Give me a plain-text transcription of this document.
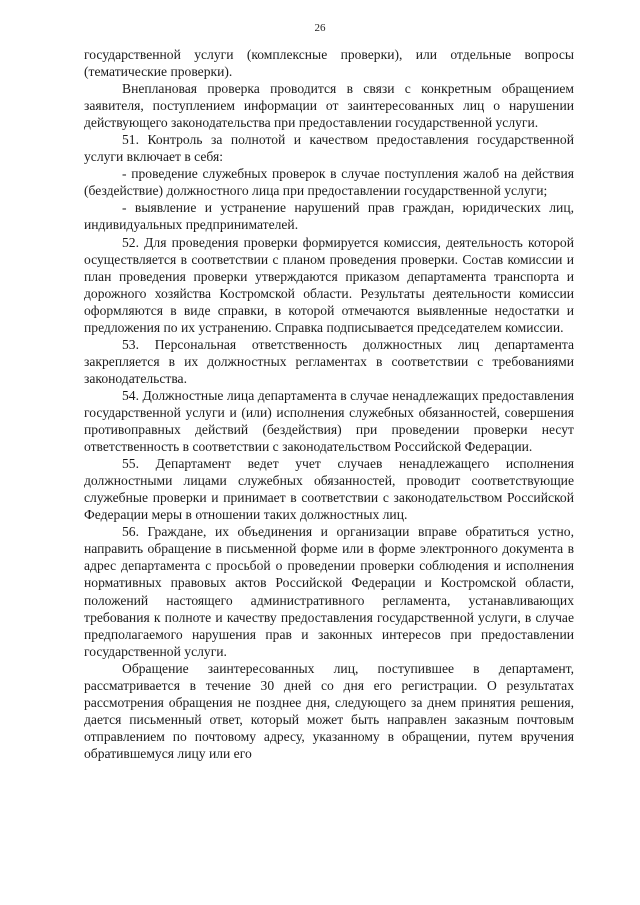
26

государственной услуги (комплексные проверки), или отдельные вопросы (тематические проверки).

Внеплановая проверка проводится в связи с конкретным обращением заявителя, поступлением информации от заинтересованных лиц о нарушении действующего законодательства при предоставлении государственной услуги.

51. Контроль за полнотой и качеством предоставления государственной услуги включает в себя:

- проведение служебных проверок в случае поступления жалоб на действия (бездействие) должностного лица при предоставлении государственной услуги;

- выявление и устранение нарушений прав граждан, юридических лиц, индивидуальных предпринимателей.

52. Для проведения проверки формируется комиссия, деятельность которой осуществляется в соответствии с планом проведения проверки. Состав комиссии и план проведения проверки утверждаются приказом департамента транспорта и дорожного хозяйства Костромской области. Результаты деятельности комиссии оформляются в виде справки, в которой отмечаются выявленные недостатки и предложения по их устранению. Справка подписывается председателем комиссии.

53. Персональная ответственность должностных лиц департамента закрепляется в их должностных регламентах в соответствии с требованиями законодательства.

54. Должностные лица департамента в случае ненадлежащих предоставления государственной услуги и (или) исполнения служебных обязанностей, совершения противоправных действий (бездействия) при проведении проверки несут ответственность в соответствии с законодательством Российской Федерации.

55. Департамент ведет учет случаев ненадлежащего исполнения должностными лицами служебных обязанностей, проводит соответствующие служебные проверки и принимает в соответствии с законодательством Российской Федерации меры в отношении таких должностных лиц.

56. Граждане, их объединения и организации вправе обратиться устно, направить обращение в письменной форме или в форме электронного документа в адрес департамента с просьбой о проведении проверки соблюдения и исполнения нормативных правовых актов Российской Федерации и Костромской области, положений настоящего административного регламента, устанавливающих требования к полноте и качеству предоставления государственной услуги, в случае предполагаемого нарушения прав и законных интересов при предоставлении государственной услуги.

Обращение заинтересованных лиц, поступившее в департамент, рассматривается в течение 30 дней со дня его регистрации. О результатах рассмотрения обращения не позднее дня, следующего за днем принятия решения, дается письменный ответ, который может быть направлен заказным почтовым отправлением по почтовому адресу, указанному в обращении, путем вручения обратившемуся лицу или его
